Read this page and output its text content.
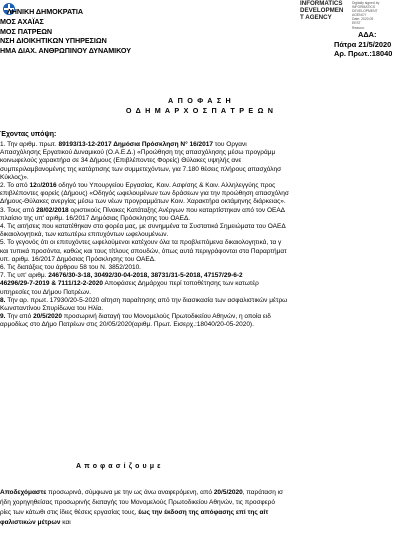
ΛΗΝΙΚΗ ΔΗΜΟΚΡΑΤΙΑ
ΜΟΣ ΑΧΑΪΑΣ
ΜΟΣ ΠΑΤΡΕΩΝ
ΝΣΗ ΔΙΟΙΚΗΤΙΚΩΝ ΥΠΗΡΕΣΙΩΝ
ΗΜΑ ΔΙΑΧ. ΑΝΘΡΩΠΙΝΟΥ ΔΥΝΑΜΙΚΟΥ
INFORMATICS
DEVELOPMEN
T AGENCY
Digitally signed by
INFORMATICS
DEVELOPMENT
AGENCY
Date: 2020.05
EEST
Reason:
ΑΔΑ:
Πάτρα 21/5/2020
Αρ. Πρωτ.:18040
Α Π Ο Φ Α Σ Η
Ο Δ Η Μ Α Ρ Χ Ο Σ Π Α Τ Ρ Ε Ω Ν
Έχοντας υπόψη:
1. Την αριθμ. πρωτ. 89193/13-12-2017 Δημόσια Πρόσκληση Ν° 16/2017 του Οργανι
Απασχόλησης Εργατικού Δυναμικού (Ο.Α.Ε.Δ.) «Προώθηση της απασχόλησης μέσω προγράμμ
κοινωφελούς χαρακτήρα σε 34 Δήμους (Επιβλέποντες Φορείς) Θύλακες υψηλής ανε
συμπεριλαμβανομένης της κατάρτισης των συμμετεχόντων, για 7.180 θέσεις πλήρους απασχόλησ
Κύκλος)».
2. Το από 12ο/2016 οδηγό του Υπουργείου Εργασίας, Κοιν. Ασφ/σης & Κοιν. Αλληλεγγύης προς
επιβλέποντες φορείς (Δήμους) «Οδηγός ωφελουμένων των δράσεων για την προώθηση απασχόλησ
Δήμους-Θύλακες ανεργίας μέσω των νέων προγραμμάτων Κοιν. Χαρακτήρα οκτάμηνης διάρκειας».
3. Τους από 28/02/2018 οριστικούς Πίνακες Κατάταξης Ανέργων που καταρτίστηκαν από τον ΟΕΑΔ
πλαίσιο της υπ' αριθμ. 16/2017 Δημόσιας Πρόσκλησης του ΟΑΕΔ.
4. Τις αιτήσεις που κατατέθηκαν στο φορέα μας, με συνημμένα τα Συστατικά Σημειώματα του ΟΑΕΔ
δικαιολογητικά, των κατωτέρω επιτυχόντων ωφελουμένων.
5. Το γεγονός ότι οι επιτυχόντες ωφελούμενοι κατέχουν όλα τα προβλεπόμενα δικαιολογητικά, τα γ
και τυπικά προσόντα, καθώς και τους τίτλους σπουδών, όπως αυτά περιγράφονται στα Παραρτήματ
υπ. αριθμ. 16/2017 Δημόσιας Πρόσκλησης του ΟΑΕΔ.
6. Τις διατάξεις του άρθρου 58 του Ν. 3852/2010.
7. Τις υπ' αριθμ. 24676/30-3-18, 30492/30-04-2018, 38731/31-5-2018, 47157/29-6-2
46296/29-7-2019 & 7111/12-2-2020 Αποφάσεις Δημάρχου περί τοποθέτησης των κατωτέρ
υπηρεσίες του Δήμου Πατρέων.
8. Την αρ. πρωτ. 17930/20-5-2020 αίτηση παραίτησης από την διασικασία των ασφαλιστικών μέτρω
Κωνσταντίνου Σπυρίδωνα του Ηλία.
9. Την από 20/5/2020 προσωρινή διαταγή του Μονομελούς Πρωτοδικείου Αθηνών, η οποία ειδ
αρμοδίως στο Δήμο Πατρέων στις 20/05/2020(αριθμ. Πρωτ. Εισερχ.:18040/20-05-2020).
Α π ο φ α σ ί ζ ο υ μ ε
Αποδεχόμαστε προσωρινά, σύμφωνα με την ως άνω αναφερόμενη, από 20/5/2020, παράταση ισ
ήδη χορηγηθείσας προσωρινής διαταγής του Μονομελούς Πρωτοδικείου Αθηνών, τις προσφερό
ρίες των κάτωθι στις ίδιες θέσεις εργασίας τους, έως την έκδοση της απόφασης επί της αίτ
φαλιστικών μέτρων και
